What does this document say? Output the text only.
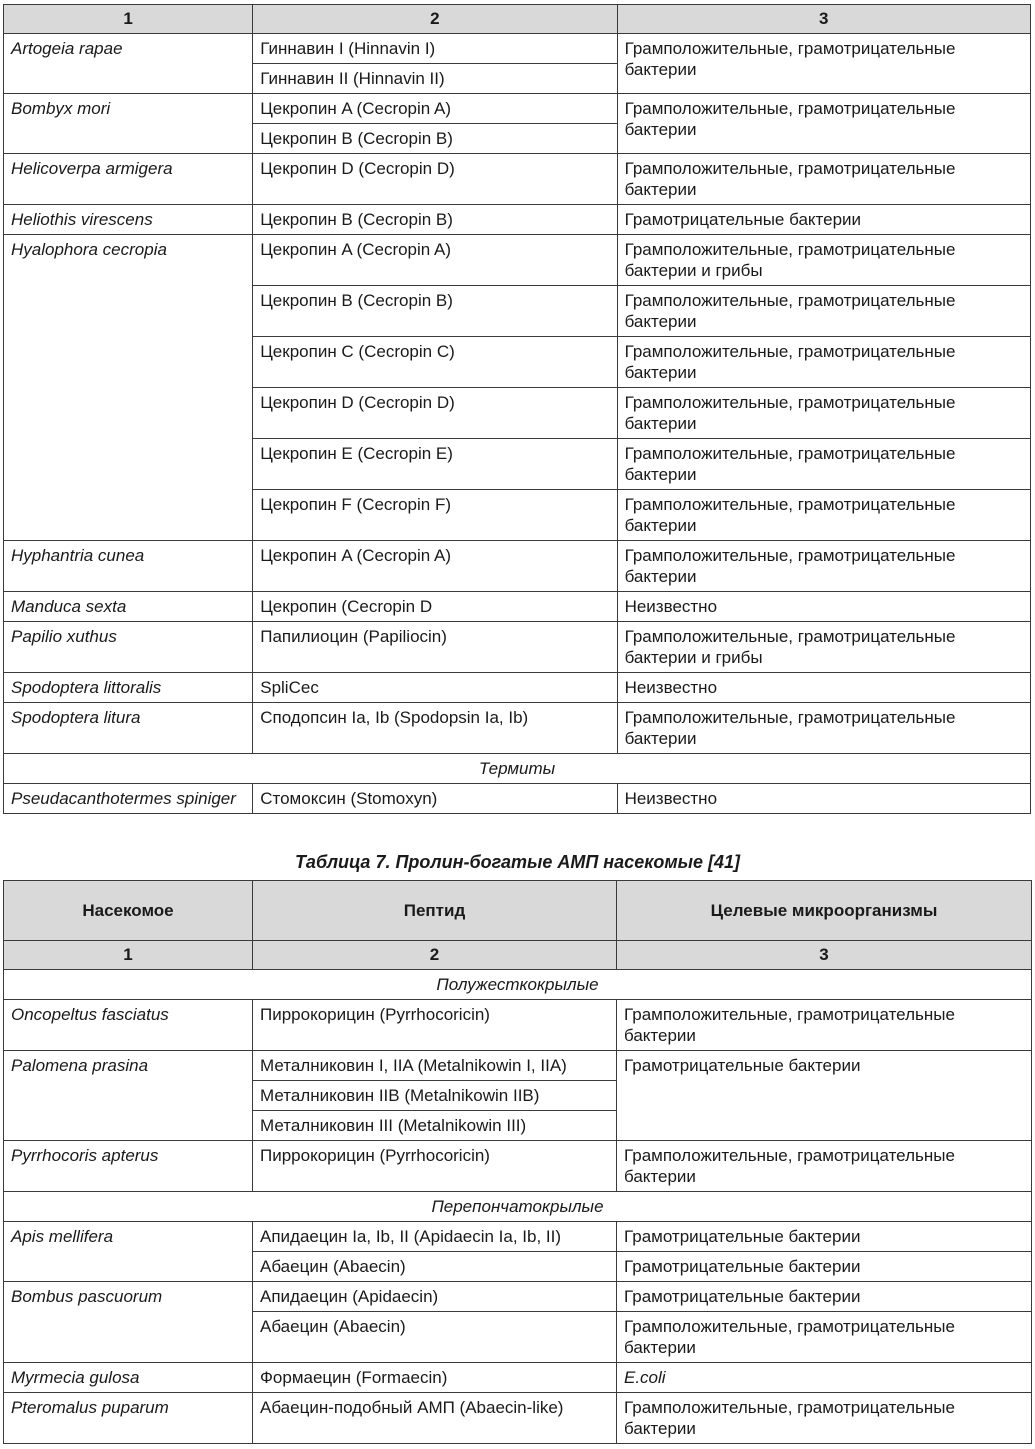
1	2	3
Artogeia rapae	Гиннавин I (Hinnavin I)	Грамположительные, грамотрицательные бактерии
	Гиннавин II (Hinnavin II)	
Bombyx mori	Цекропин A (Cecropin A)	Грамположительные, грамотрицательные бактерии
	Цекропин B (Cecropin B)	
Helicoverpa armigera	Цекропин D (Cecropin D)	Грамположительные, грамотрицательные бактерии
Heliothis virescens	Цекропин B (Cecropin B)	Грамотрицательные бактерии
Hyalophora cecropia	Цекропин A (Cecropin A)	Грамположительные, грамотрицательные бактерии и грибы
	Цекропин B (Cecropin B)	Грамположительные, грамотрицательные бактерии
	Цекропин C (Cecropin C)	Грамположительные, грамотрицательные бактерии
	Цекропин D (Cecropin D)	Грамположительные, грамотрицательные бактерии
	Цекропин E (Cecropin E)	Грамположительные, грамотрицательные бактерии
	Цекропин F (Cecropin F)	Грамположительные, грамотрицательные бактерии
Hyphantria cunea	Цекропин A (Cecropin A)	Грамположительные, грамотрицательные бактерии
Manduca sexta	Цекропин (Cecropin D	Неизвестно
Papilio xuthus	Папилиоцин (Papiliocin)	Грамположительные, грамотрицательные бактерии и грибы
Spodoptera littoralis	SpliCec	Неизвестно
Spodoptera litura	Сподопсин Ia, Ib (Spodopsin Ia, Ib)	Грамположительные, грамотрицательные бактерии
Термиты		
Pseudacanthotermes spiniger	Стомоксин (Stomoxyn)	Неизвестно
Таблица 7. Пролин-богатые АМП насекомые [41]
Насекомое	Пептид	Целевые микроорганизмы
1	2	3
Полужесткокрылые		
Oncopeltus fasciatus	Пиррокорицин (Pyrrhocoricin)	Грамположительные, грамотрицательные бактерии
Palomena prasina	Металниковин I, IIA (Metalnikowin I, IIA)	Грамотрицательные бактерии
	Металниковин IIB (Metalnikowin IIB)	
	Металниковин III (Metalnikowin III)	
Pyrrhocoris apterus	Пиррокорицин (Pyrrhocoricin)	Грамположительные, грамотрицательные бактерии
Перепончатокрылые		
Apis mellifera	Апидаецин Ia, Ib, II (Apidaecin Ia, Ib, II)	Грамотрицательные бактерии
	Абаецин (Abaecin)	Грамотрицательные бактерии
Bombus pascuorum	Апидаецин (Apidaecin)	Грамотрицательные бактерии
	Абаецин (Abaecin)	Грамположительные, грамотрицательные бактерии
Myrmecia gulosa	Формаецин (Formaecin)	E.coli
Pteromalus puparum	Абаецин-подобный АМП (Abaecin-like)	Грамположительные, грамотрицательные бактерии
